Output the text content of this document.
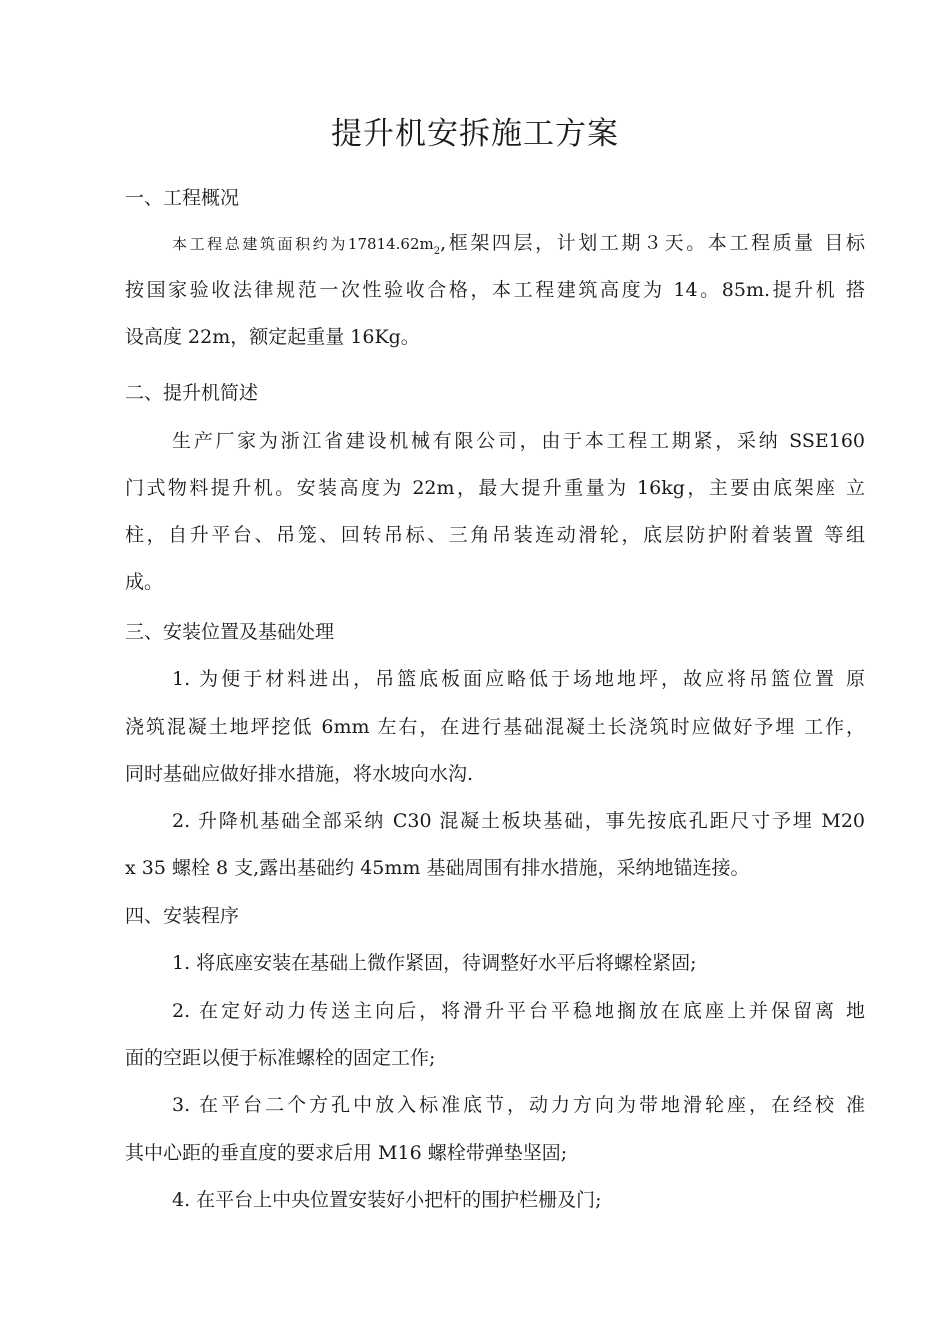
提升机安拆施工方案
一、工程概况
本工程总建筑面积约为$17814.62m_2$,框架四层，计划工期３天。本工程质量 目标
按国家验收法律规范一次性验收合格，本工程建筑高度为 14。85m.提升机 搭
设高度 22m，额定起重量 16Kg。
二、提升机简述
生产厂家为浙江省建设机械有限公司，由于本工程工期紧，采纳 SSE160
门式物料提升机。安装高度为 22m，最大提升重量为 16kg，主要由底架座 立
柱，自升平台、吊笼、回转吊标、三角吊装连动滑轮，底层防护附着装置 等组
成。
三、安装位置及基础处理
1. 为便于材料进出，吊篮底板面应略低于场地地坪，故应将吊篮位置 原
浇筑混凝土地坪挖低 6mm 左右，在进行基础混凝土长浇筑时应做好予埋 工作，
同时基础应做好排水措施，将水坡向水沟.
2. 升降机基础全部采纳 C30 混凝土板块基础，事先按底孔距尺寸予埋 M20
x 35 螺栓 8 支,露出基础约 45mm 基础周围有排水措施，采纳地锚连接。
四、安装程序
1. 将底座安装在基础上微作紧固，待调整好水平后将螺栓紧固;
2. 在定好动力传送主向后，将滑升平台平稳地搁放在底座上并保留离 地
面的空距以便于标准螺栓的固定工作;
3. 在平台二个方孔中放入标准底节，动力方向为带地滑轮座，在经校 准
其中心距的垂直度的要求后用 M16 螺栓带弹垫坚固;
4. 在平台上中央位置安装好小把杆的围护栏栅及门;
